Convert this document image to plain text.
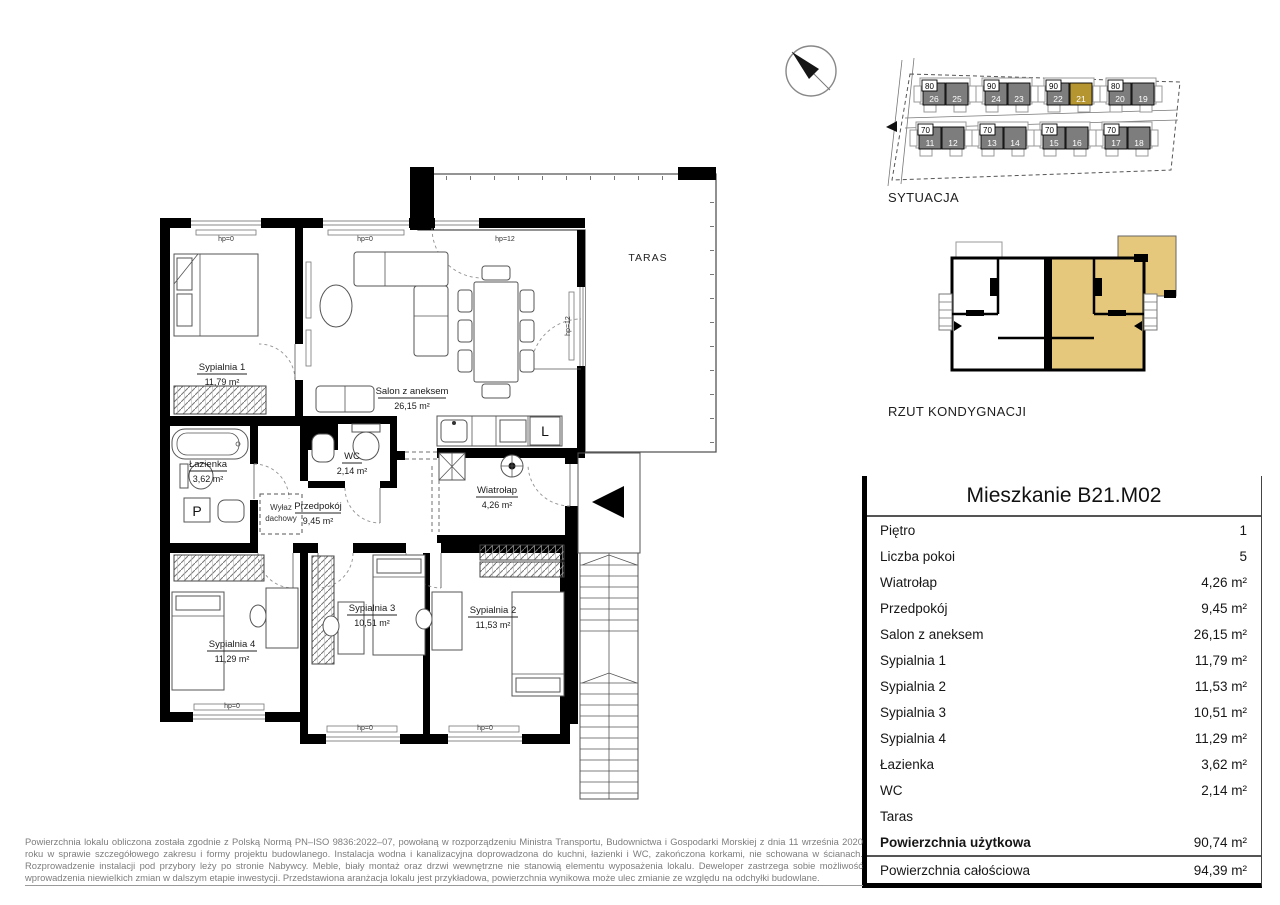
26 25
80
24 23
90
22 21
90
20 19
80
11 12
70
13 14
70
15 16
70
17 18
70
SYTUACJA
RZUT KONDYGNACJI
TARAS
P
L
Wyłaz
dachowy
Sypialnia 1
11,79 m²
Salon z aneksem
26,15 m²
Łazienka
3,62 m²
WC
2,14 m²
Przedpokój
9,45 m²
Wiatrołap
4,26 m²
Sypialnia 4
11,29 m²
Sypialnia 3
10,51 m²
Sypialnia 2
11,53 m²
hp=0	hp=0	hp=12
hp=12
hp=0
hp=0	hp=0
Mieszkanie B21.M02
Piętro	1
Liczba pokoi	5
Wiatrołap	4,26 m²
Przedpokój	9,45 m²
Salon z aneksem	26,15 m²
Sypialnia 1	11,79 m²
Sypialnia 2	11,53 m²
Sypialnia 3	10,51 m²
Sypialnia 4	11,29 m²
Łazienka	3,62 m²
WC	2,14 m²
Taras
Powierzchnia użytkowa	90,74 m²
Powierzchnia całościowa	94,39 m²
Powierzchnia lokalu obliczona została zgodnie z Polską Normą PN–ISO 9836:2022–07, powołaną w rozporządzeniu Ministra Transportu, Budownictwa i Gospodarki Morskiej z dnia 11 września 2020 roku w sprawie szczegółowego zakresu i formy projektu budowlanego. Instalacja wodna i kanalizacyjna doprowadzona do kuchni, łazienki i WC, zakończona korkami, nie schowana w ścianach. Rozprowadzenie instalacji pod przybory leży po stronie Nabywcy. Meble, biały montaż oraz drzwi wewnętrzne nie stanowią elementu wyposażenia lokalu. Deweloper zastrzega sobie możliwość wprowadzenia niewielkich zmian w dalszym etapie inwestycji. Przedstawiona aranżacja lokalu jest przykładowa, powierzchnia wynikowa może ulec zmianie ze względu na odchyłki budowlane.
